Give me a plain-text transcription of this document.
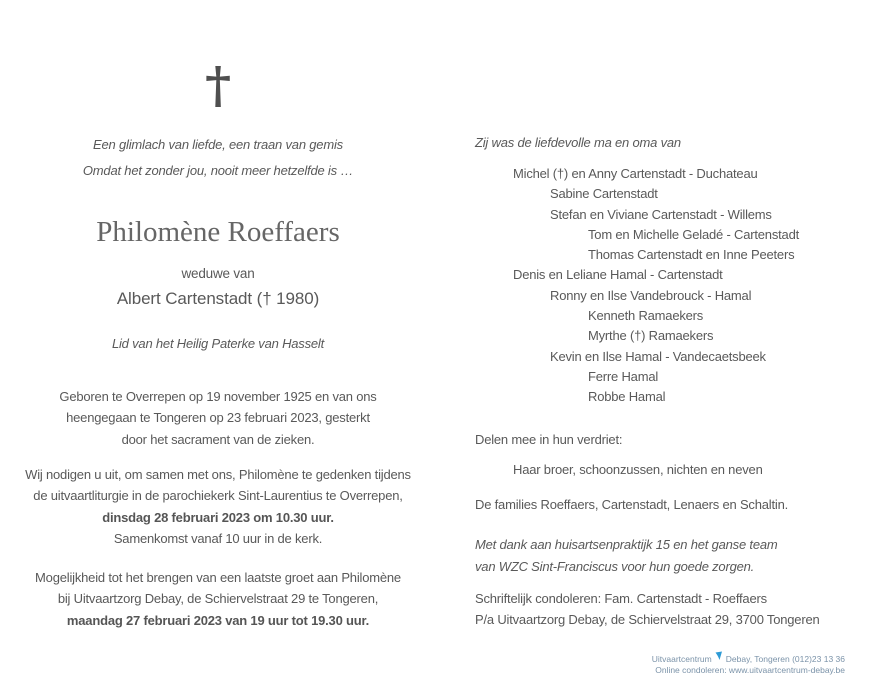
†
Een glimlach van liefde, een traan van gemis
Omdat het zonder jou, nooit meer hetzelfde is …
Philomène Roeffaers
weduwe van
Albert Cartenstadt († 1980)
Lid van het Heilig Paterke van Hasselt
Geboren te Overrepen op 19 november 1925 en van ons
heengegaan te Tongeren op 23 februari 2023, gesterkt
door het sacrament van de zieken.
Wij nodigen u uit, om samen met ons, Philomène te gedenken tijdens
de uitvaartliturgie in de parochiekerk Sint-Laurentius te Overrepen,
dinsdag 28 februari 2023 om 10.30 uur.
Samenkomst vanaf 10 uur in de kerk.
Mogelijkheid tot het brengen van een laatste groet aan Philomène
bij Uitvaartzorg Debay, de Schiervelstraat 29 te Tongeren,
maandag 27 februari 2023 van 19 uur tot 19.30 uur.
Zij was de liefdevolle ma en oma van
Michel (†) en Anny Cartenstadt - Duchateau
Sabine Cartenstadt
Stefan en Viviane Cartenstadt - Willems
Tom en Michelle Geladé - Cartenstadt
Thomas Cartenstadt en Inne Peeters
Denis en Leliane Hamal - Cartenstadt
Ronny en Ilse Vandebrouck - Hamal
Kenneth Ramaekers
Myrthe (†) Ramaekers
Kevin en Ilse Hamal - Vandecaetsbeek
Ferre Hamal
Robbe Hamal
Delen mee in hun verdriet:
Haar broer, schoonzussen, nichten en neven
De families Roeffaers, Cartenstadt, Lenaers en Schaltin.
Met dank aan huisartsenpraktijk 15 en het ganse team
van WZC Sint-Franciscus voor hun goede zorgen.
Schriftelijk condoleren: Fam. Cartenstadt - Roeffaers
P/a Uitvaartzorg Debay, de Schiervelstraat 29, 3700 Tongeren
Uitvaartcentrum Debay, Tongeren (012)23 13 36
Online condoleren: www.uitvaartcentrum-debay.be
